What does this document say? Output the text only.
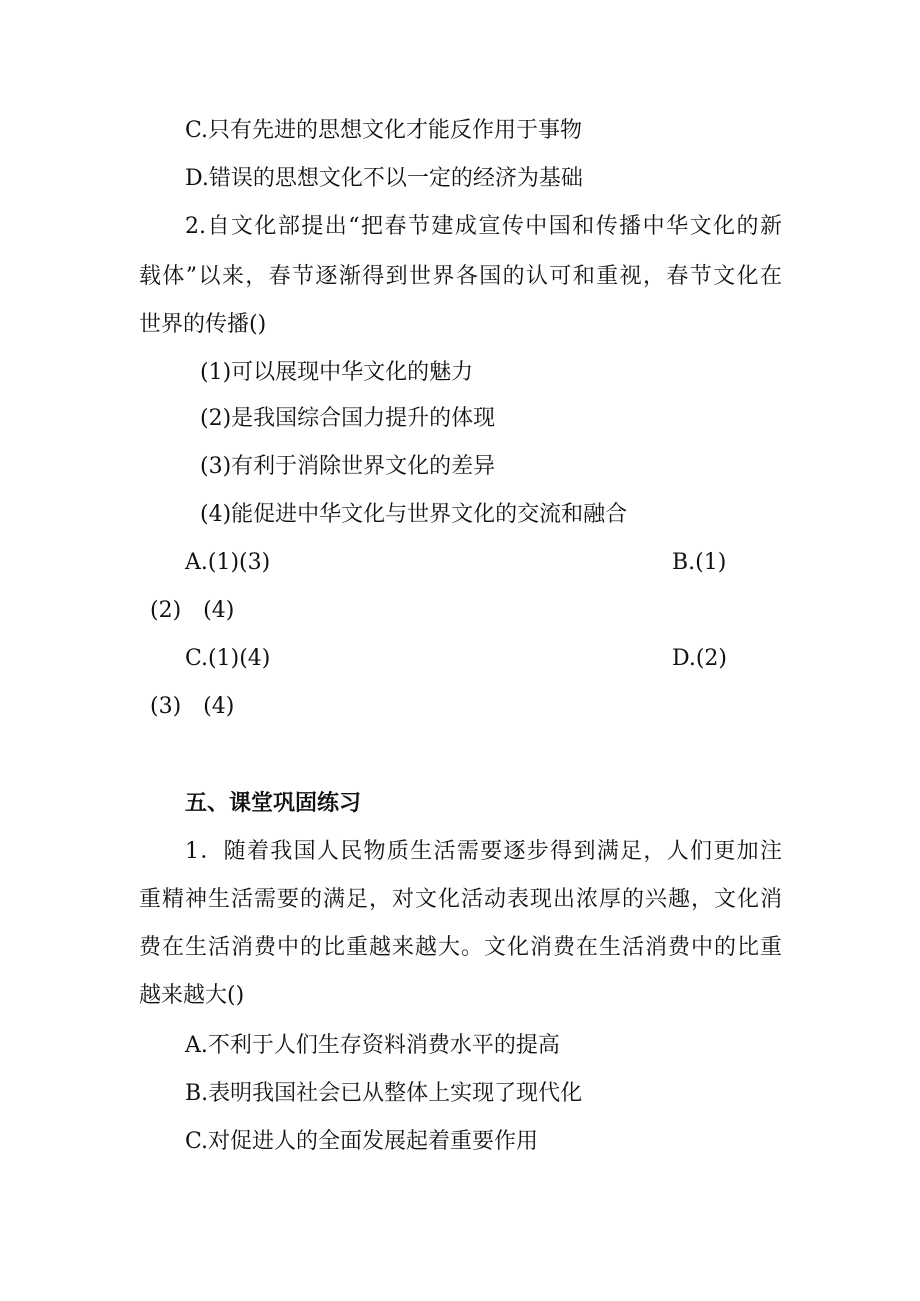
C.只有先进的思想文化才能反作用于事物
D.错误的思想文化不以一定的经济为基础
2.自文化部提出“把春节建成宣传中国和传播中华文化的新
载体”以来，春节逐渐得到世界各国的认可和重视，春节文化在
世界的传播()
(1)可以展现中华文化的魅力
(2)是我国综合国力提升的体现
(3)有利于消除世界文化的差异
(4)能促进中华文化与世界文化的交流和融合
A.(1)(3)	B.(1)
(2)　(4)
C.(1)(4)	D.(2)
(3)　(4)
五、课堂巩固练习
1．随着我国人民物质生活需要逐步得到满足，人们更加注
重精神生活需要的满足，对文化活动表现出浓厚的兴趣，文化消
费在生活消费中的比重越来越大。文化消费在生活消费中的比重
越来越大()
A.不利于人们生存资料消费水平的提高
B.表明我国社会已从整体上实现了现代化
C.对促进人的全面发展起着重要作用
